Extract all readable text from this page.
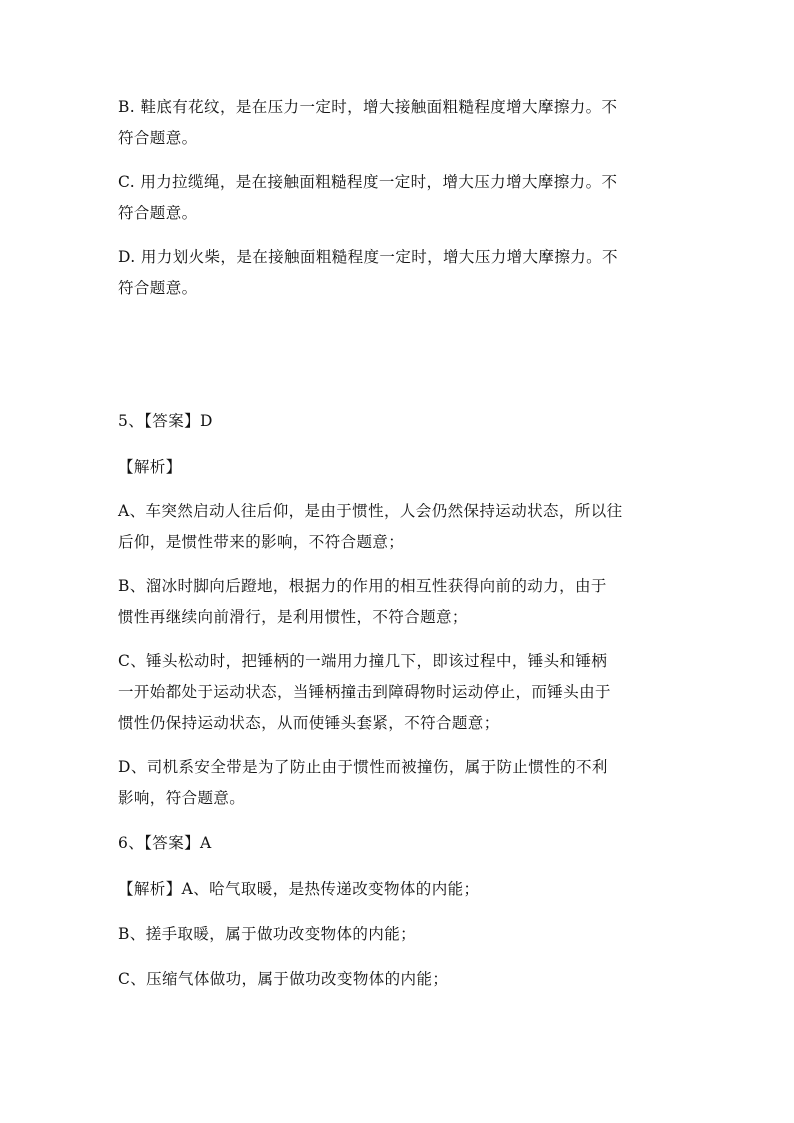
B. 鞋底有花纹，是在压力一定时，增大接触面粗糙程度增大摩擦力。不
符合题意。
C. 用力拉缆绳，是在接触面粗糙程度一定时，增大压力增大摩擦力。不
符合题意。
D. 用力划火柴，是在接触面粗糙程度一定时，增大压力增大摩擦力。不
符合题意。
5、【答案】D
【解析】
A、车突然启动人往后仰，是由于惯性，人会仍然保持运动状态，所以往
后仰，是惯性带来的影响，不符合题意；
B、溜冰时脚向后蹬地，根据力的作用的相互性获得向前的动力，由于
惯性再继续向前滑行，是利用惯性，不符合题意；
C、锤头松动时，把锤柄的一端用力撞几下，即该过程中，锤头和锤柄
一开始都处于运动状态，当锤柄撞击到障碍物时运动停止，而锤头由于
惯性仍保持运动状态，从而使锤头套紧，不符合题意；
D、司机系安全带是为了防止由于惯性而被撞伤，属于防止惯性的不利
影响，符合题意。
6、【答案】A
【解析】A、哈气取暖，是热传递改变物体的内能；
B、搓手取暖，属于做功改变物体的内能；
C、压缩气体做功，属于做功改变物体的内能；
